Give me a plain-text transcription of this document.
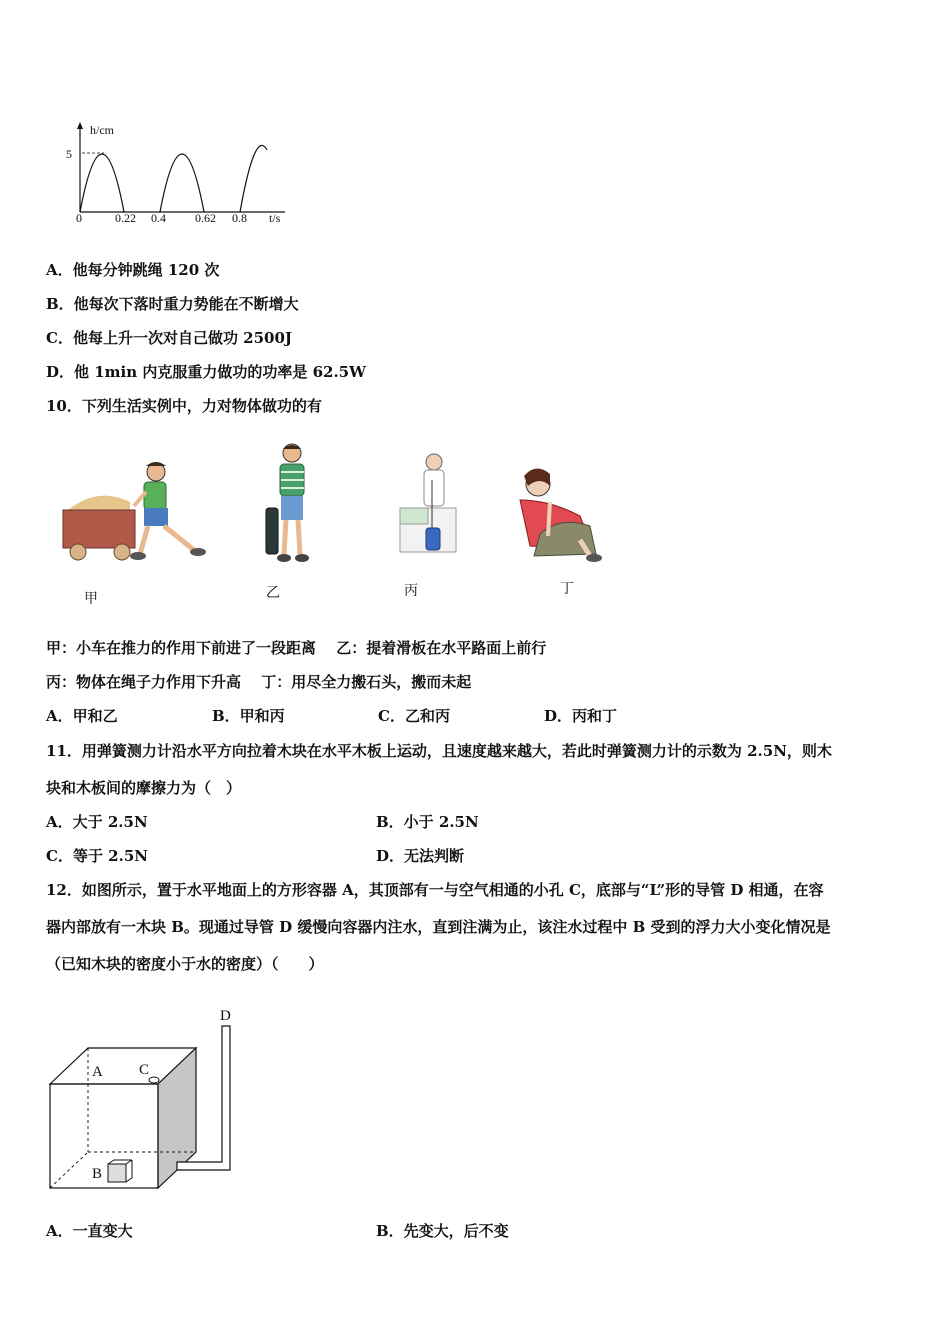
h/cm
5
0	0.22 0.4 0.62 0.8 t/s
A．他每分钟跳绳 120 次
B．他每次下落时重力势能在不断增大
C．他每上升一次对自己做功 2500J
D．他 1min 内克服重力做功的功率是 62.5W
10．下列生活实例中，力对物体做功的有
甲	乙	丙	丁
甲：小车在推力的作用下前进了一段距离　 乙：提着滑板在水平路面上前行
丙：物体在绳子力作用下升高　 丁：用尽全力搬石头，搬而未起
A．甲和乙	B．甲和丙	C．乙和丙	D．丙和丁
11．用弹簧测力计沿水平方向拉着木块在水平木板上运动，且速度越来越大，若此时弹簧测力计的示数为 2.5N，则木
块和木板间的摩擦力为（　）
A．大于 2.5N	B．小于 2.5N
C．等于 2.5N	D．无法判断
12．如图所示，置于水平地面上的方形容器 A，其顶部有一与空气相通的小孔 C，底部与“L”形的导管 D 相通，在容
器内部放有一木块 B。现通过导管 D 缓慢向容器内注水，直到注满为止，该注水过程中 B 受到的浮力大小变化情况是
（已知木块的密度小于水的密度）（　　）
A C
B
D
A．一直变大	B．先变大，后不变
